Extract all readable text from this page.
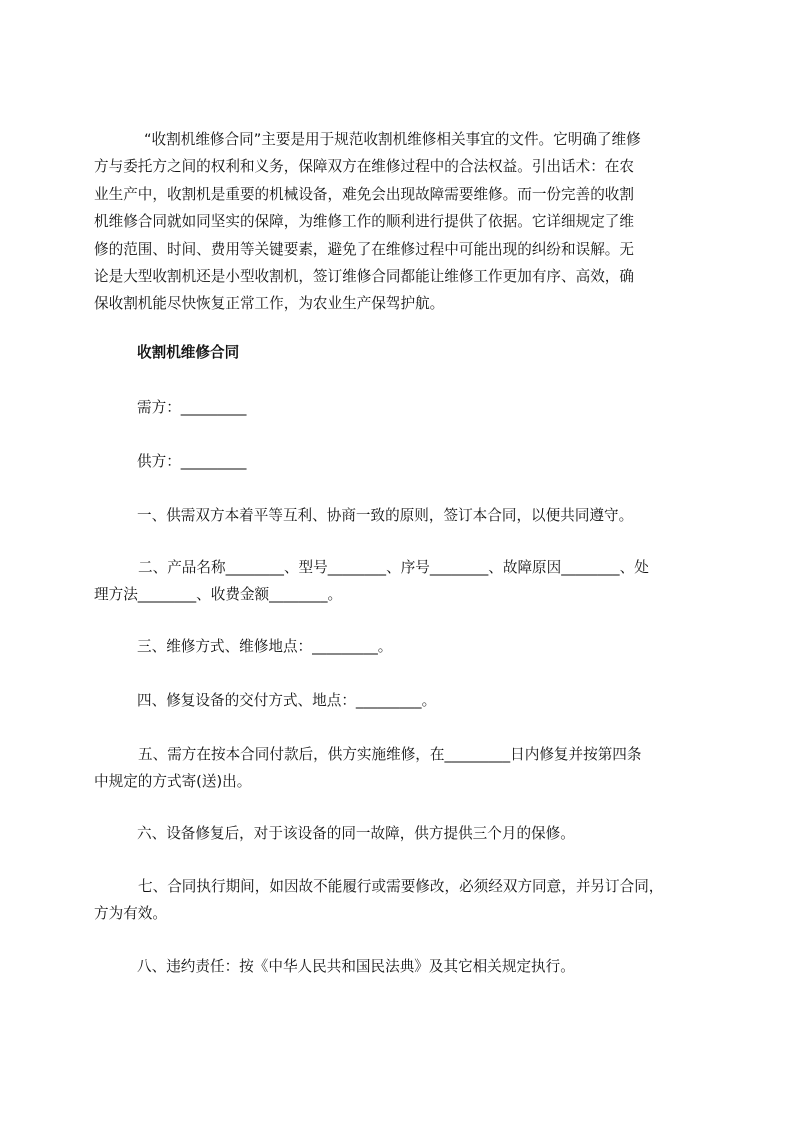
“收割机维修合同”主要是用于规范收割机维修相关事宜的文件。它明确了维修
方与委托方之间的权利和义务，保障双方在维修过程中的合法权益。引出话术：在农
业生产中，收割机是重要的机械设备，难免会出现故障需要维修。而一份完善的收割
机维修合同就如同坚实的保障，为维修工作的顺利进行提供了依据。它详细规定了维
修的范围、时间、费用等关键要素，避免了在维修过程中可能出现的纠纷和误解。无
论是大型收割机还是小型收割机，签订维修合同都能让维修工作更加有序、高效，确
保收割机能尽快恢复正常工作，为农业生产保驾护航。
收割机维修合同
需方：_________
供方：_________
一、供需双方本着平等互利、协商一致的原则，签订本合同，以便共同遵守。
二、产品名称________、型号________、序号________、故障原因________、处
理方法________、收费金额________。
三、维修方式、维修地点：_________。
四、修复设备的交付方式、地点：_________。
五、需方在按本合同付款后，供方实施维修，在_________日内修复并按第四条
中规定的方式寄(送)出。
六、设备修复后，对于该设备的同一故障，供方提供三个月的保修。
七、合同执行期间，如因故不能履行或需要修改，必须经双方同意，并另订合同，
方为有效。
八、违约责任：按《中华人民共和国民法典》及其它相关规定执行。
